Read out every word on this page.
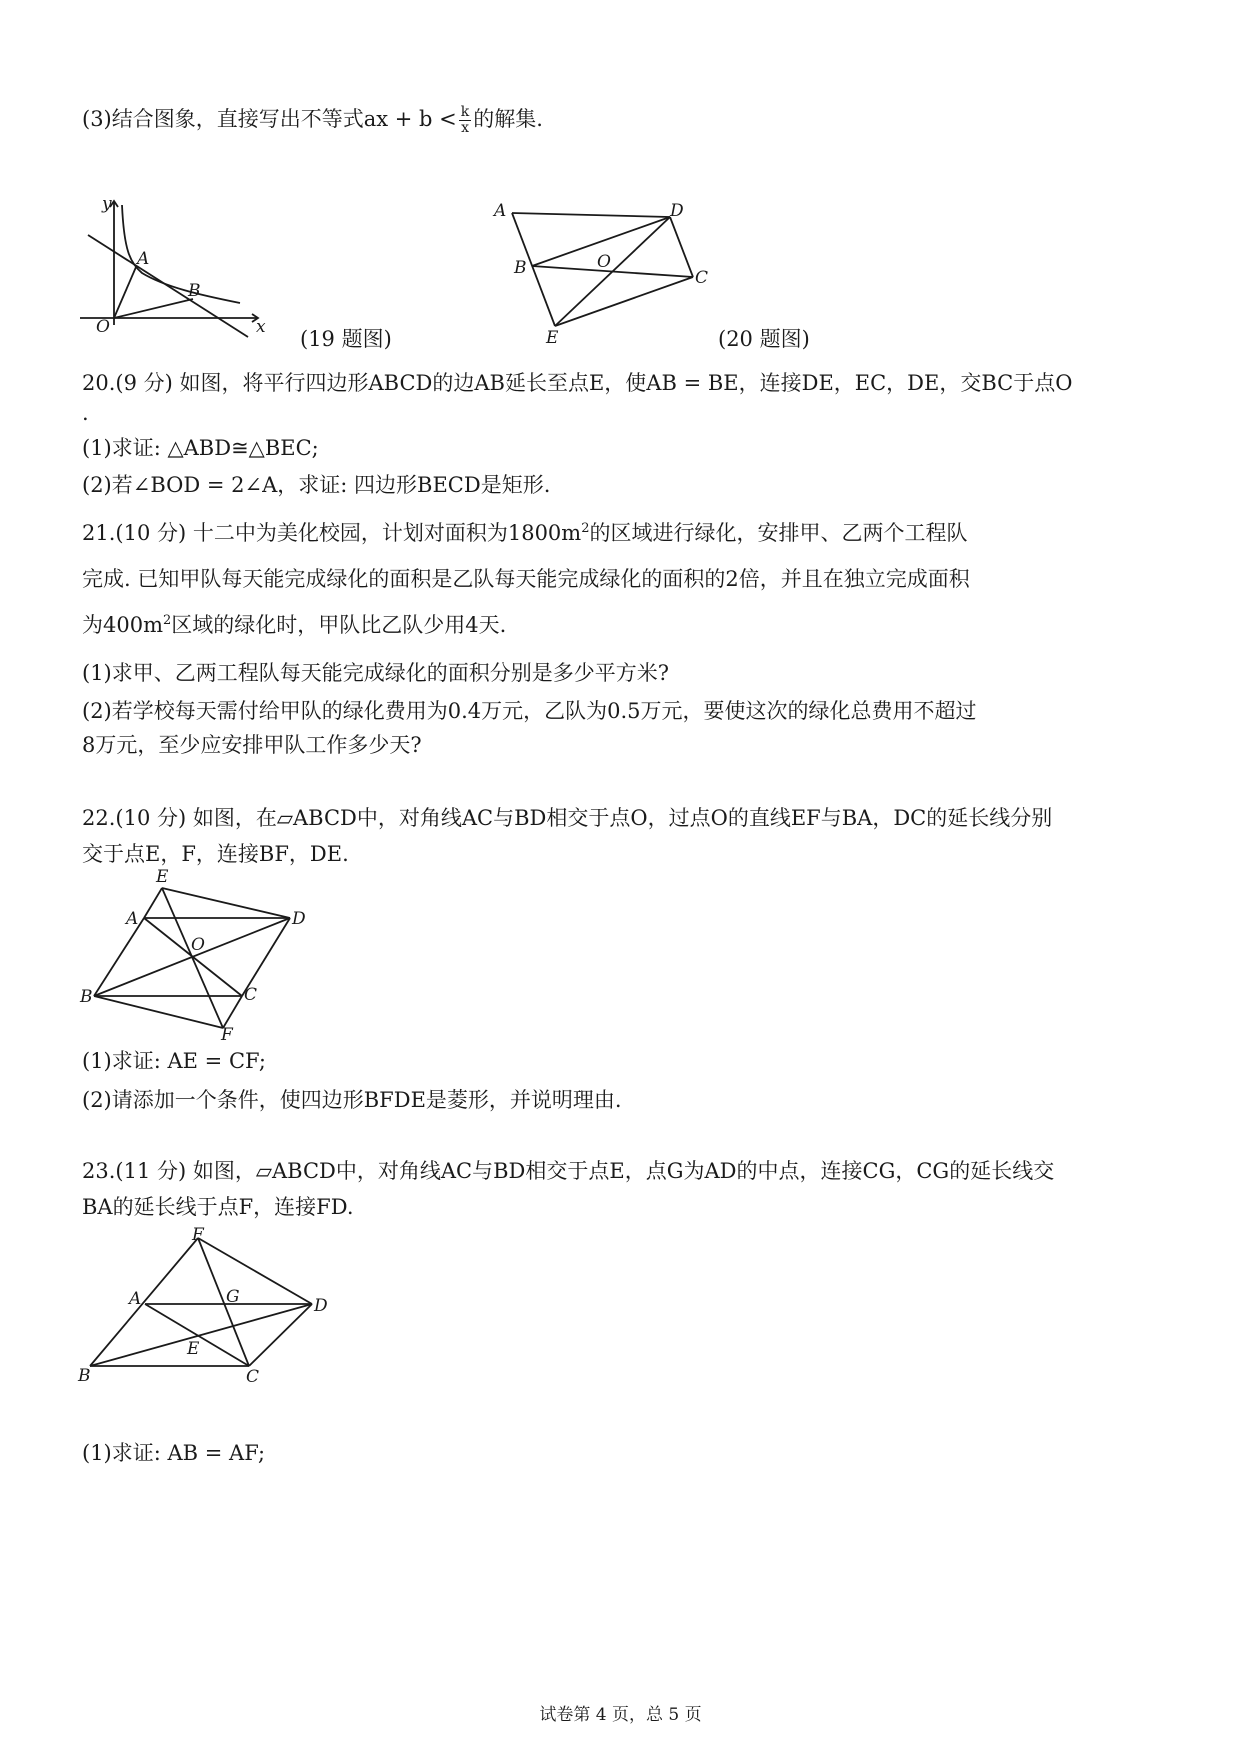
(3)结合图象，直接写出不等式ax + $b < \frac{k}{x}$ 的解集.
y
x
O
A
B
(19 题图)
A	D
B	O
C
E	(20 题图)
20.(9 分) 如图，将平行四边形ABCD的边AB延长至点E，使AB = BE，连接DE，EC，DE，交BC于点O
.
(1)求证: △ABD≅△BEC;
(2)若∠BOD = 2∠A，求证: 四边形BECD是矩形.
21.(10 分) 十二中为美化校园，计划对面积为$1800m^2$的区域进行绿化，安排甲、乙两个工程队
完成. 已知甲队每天能完成绿化的面积是乙队每天能完成绿化的面积的2倍，并且在独立完成面积
为$400m^2$区域的绿化时，甲队比乙队少用4天.
(1)求甲、乙两工程队每天能完成绿化的面积分别是多少平方米?
(2)若学校每天需付给甲队的绿化费用为0.4万元，乙队为0.5万元，要使这次的绿化总费用不超过
8万元，至少应安排甲队工作多少天?
22.(10 分) 如图，在▱ABCD中，对角线AC与BD相交于点O，过点O的直线EF与BA，DC的延长线分别
交于点E，F，连接BF，DE.
E
A	D
O
B	C
F
(1)求证: AE = CF;
(2)请添加一个条件，使四边形BFDE是菱形，并说明理由.
23.(11 分) 如图，▱ABCD中，对角线AC与BD相交于点E，点G为AD的中点，连接CG，CG的延长线交
BA的延长线于点F，连接FD.
F
A	G	D
E
B	C
(1)求证: AB = AF;
试卷第 4 页，总 5 页
